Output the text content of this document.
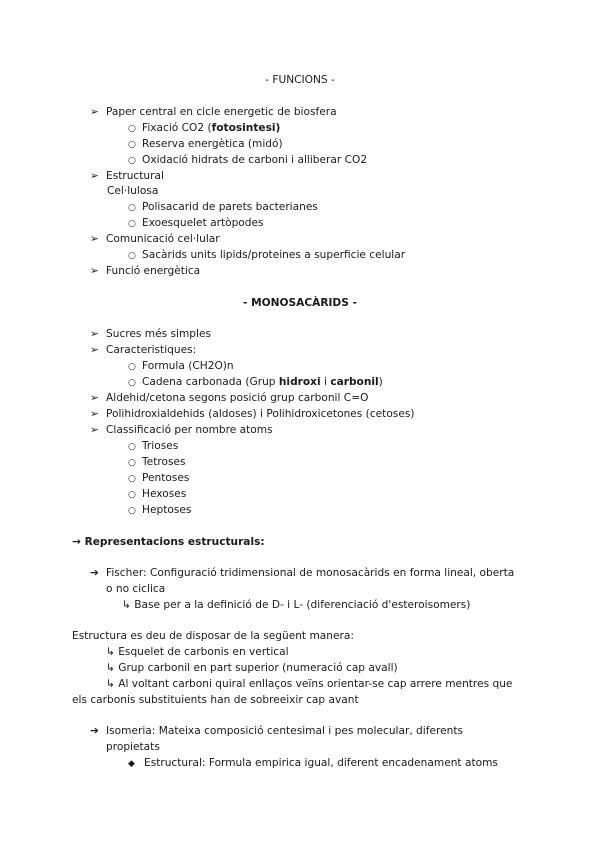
- FUNCIONS -
➢ Paper central en cicle energetic de biosfera
○ Fixació CO2 (fotosintesi)
○ Reserva energètica (midó)
○ Oxidació hidrats de carboni i alliberar CO2
➢ Estructural
Cel·lulosa
○ Polisacarid de parets bacterianes
○ Exoesquelet artòpodes
➢ Comunicació cel·lular
○ Sacàrids units lipids/proteines a superficie celular
➢ Funció energètica
- MONOSACÀRIDS -
➢ Sucres més simples
➢ Caracteristiques:
○ Formula (CH2O)n
○ Cadena carbonada (Grup hidroxi i carbonil)
➢ Aldehid/cetona segons posició grup carbonil C=O
➢ Polihidroxialdehids (aldoses) i Polihidroxicetones (cetoses)
➢ Classificació per nombre atoms
○ Trioses
○ Tetroses
○ Pentoses
○ Hexoses
○ Heptoses
→ Representacions estructurals:
➔ Fischer: Configuració tridimensional de monosacàrids en forma lineal, oberta
o no ciclica
↳ Base per a la definició de D- i L- (diferenciació d'esteroisomers)
Estructura es deu de disposar de la següent manera:
↳ Esquelet de carbonis en vertical
↳ Grup carbonil en part superior (numeració cap avall)
↳ Al voltant carboni quiral enllaços veïns orientar-se cap arrere mentres que
els carbonis substituients han de sobreeixir cap avant
➔ Isomeria: Mateixa composició centesimal i pes molecular, diferents
propietats
◆ Estructural: Formula empirica igual, diferent encadenament atoms
